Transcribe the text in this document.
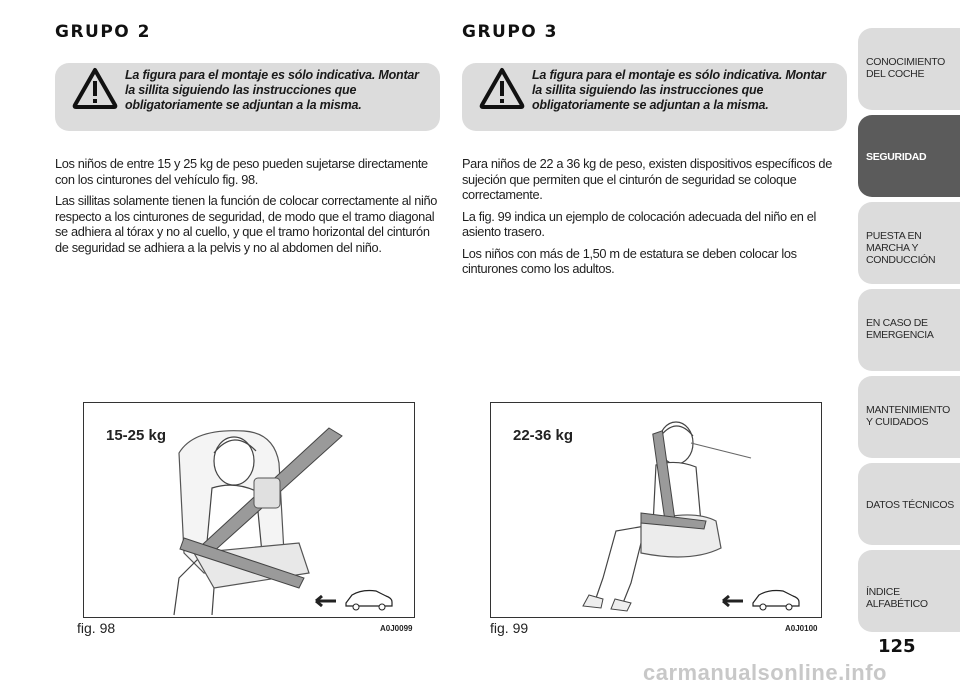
GRUPO 2
La figura para el montaje es sólo indicativa. Montar la sillita siguiendo las instrucciones que obligatoriamente se adjuntan a la misma.

Los niños de entre 15 y 25 kg de peso pueden sujetarse directamente con los cinturones del vehículo fig. 98.

Las sillitas solamente tienen la función de colocar correctamente al niño respecto a los cinturones de seguridad, de modo que el tramo diagonal se adhiera al tórax y no al cuello, y que el tramo horizontal del cinturón de seguridad se adhiera a la pelvis y no al abdomen del niño.

15-25 kg
fig. 98	A0J0099
GRUPO 3
La figura para el montaje es sólo indicativa. Montar la sillita siguiendo las instrucciones que obligatoriamente se adjuntan a la misma.

Para niños de 22 a 36 kg de peso, existen dispositivos específicos de sujeción que permiten que el cinturón de seguridad se coloque correctamente.

La fig. 99 indica un ejemplo de colocación adecuada del niño en el asiento trasero.

Los niños con más de 1,50 m de estatura se deben colocar los cinturones como los adultos.

22-36 kg
fig. 99	A0J0100
CONOCIMIENTO DEL COCHE
SEGURIDAD
PUESTA EN MARCHA Y CONDUCCIÓN
EN CASO DE EMERGENCIA
MANTENIMIENTO Y CUIDADOS
DATOS TÉCNICOS
ÍNDICE ALFABÉTICO
125
carmanualsonline.info
